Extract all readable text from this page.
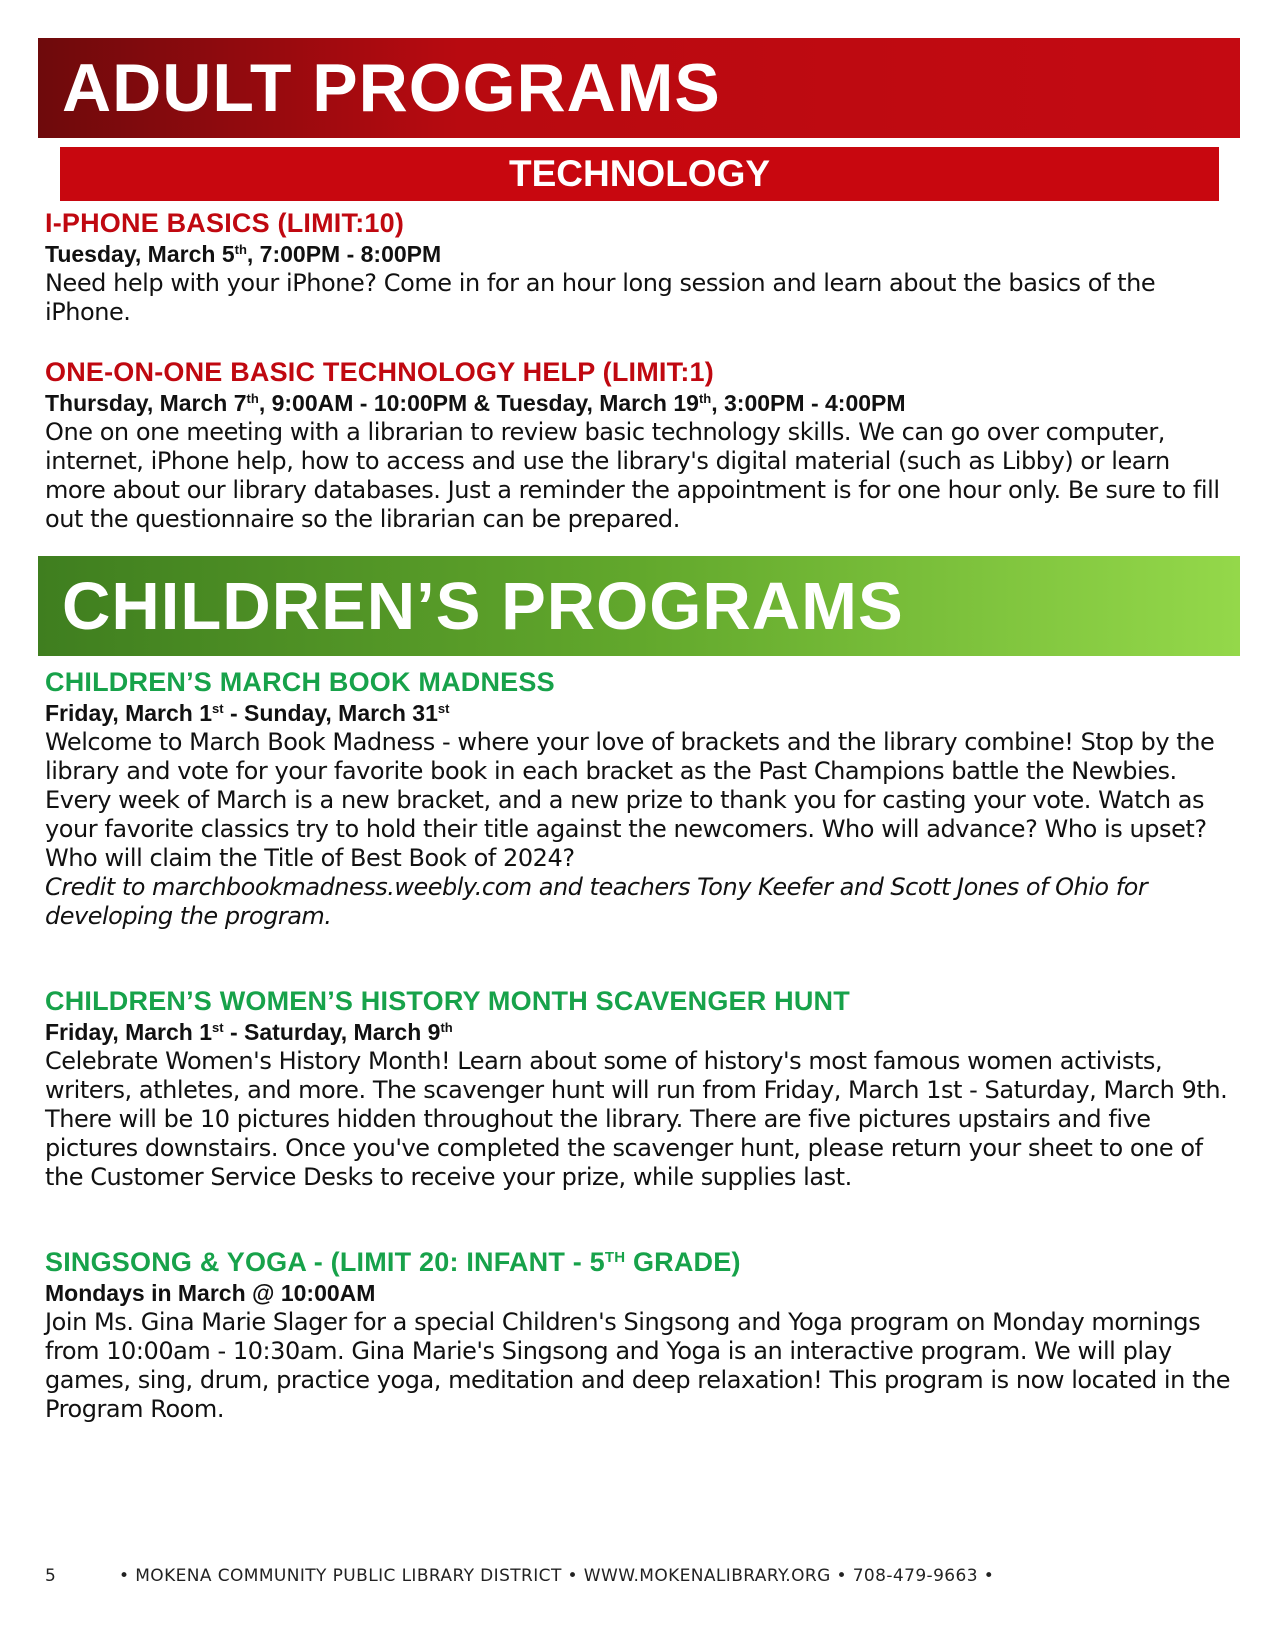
ADULT PROGRAMS
TECHNOLOGY

I-PHONE BASICS (LIMIT:10)

Tuesday, March 5th, 7:00PM - 8:00PM

Need help with your iPhone? Come in for an hour long session and learn about the basics of the iPhone.

ONE-ON-ONE BASIC TECHNOLOGY HELP (LIMIT:1)

Thursday, March 7th, 9:00AM - 10:00PM & Tuesday, March 19th, 3:00PM - 4:00PM

One on one meeting with a librarian to review basic technology skills. We can go over computer, internet, iPhone help, how to access and use the library's digital material (such as Libby) or learn more about our library databases. Just a reminder the appointment is for one hour only. Be sure to fill out the questionnaire so the librarian can be prepared.

CHILDREN’S PROGRAMS

CHILDREN’S MARCH BOOK MADNESS

Friday, March 1st - Sunday, March 31st

Welcome to March Book Madness - where your love of brackets and the library combine! Stop by the library and vote for your favorite book in each bracket as the Past Champions battle the Newbies. Every week of March is a new bracket, and a new prize to thank you for casting your vote. Watch as your favorite classics try to hold their title against the newcomers. Who will advance? Who is upset? Who will claim the Title of Best Book of 2024?

Credit to marchbookmadness.weebly.com and teachers Tony Keefer and Scott Jones of Ohio for developing the program.

CHILDREN’S WOMEN’S HISTORY MONTH SCAVENGER HUNT

Friday, March 1st - Saturday, March 9th

Celebrate Women's History Month! Learn about some of history's most famous women activists, writers, athletes, and more. The scavenger hunt will run from Friday, March 1st - Saturday, March 9th. There will be 10 pictures hidden throughout the library. There are five pictures upstairs and five pictures downstairs. Once you've completed the scavenger hunt, please return your sheet to one of the Customer Service Desks to receive your prize, while supplies last.

SINGSONG & YOGA - (LIMIT 20: INFANT - 5TH GRADE)

Mondays in March @ 10:00AM

Join Ms. Gina Marie Slager for a special Children's Singsong and Yoga program on Monday mornings from 10:00am - 10:30am. Gina Marie's Singsong and Yoga is an interactive program. We will play games, sing, drum, practice yoga, meditation and deep relaxation! This program is now located in the Program Room.

5	• MOKENA COMMUNITY PUBLIC LIBRARY DISTRICT • WWW.MOKENALIBRARY.ORG • 708-479-9663 •
